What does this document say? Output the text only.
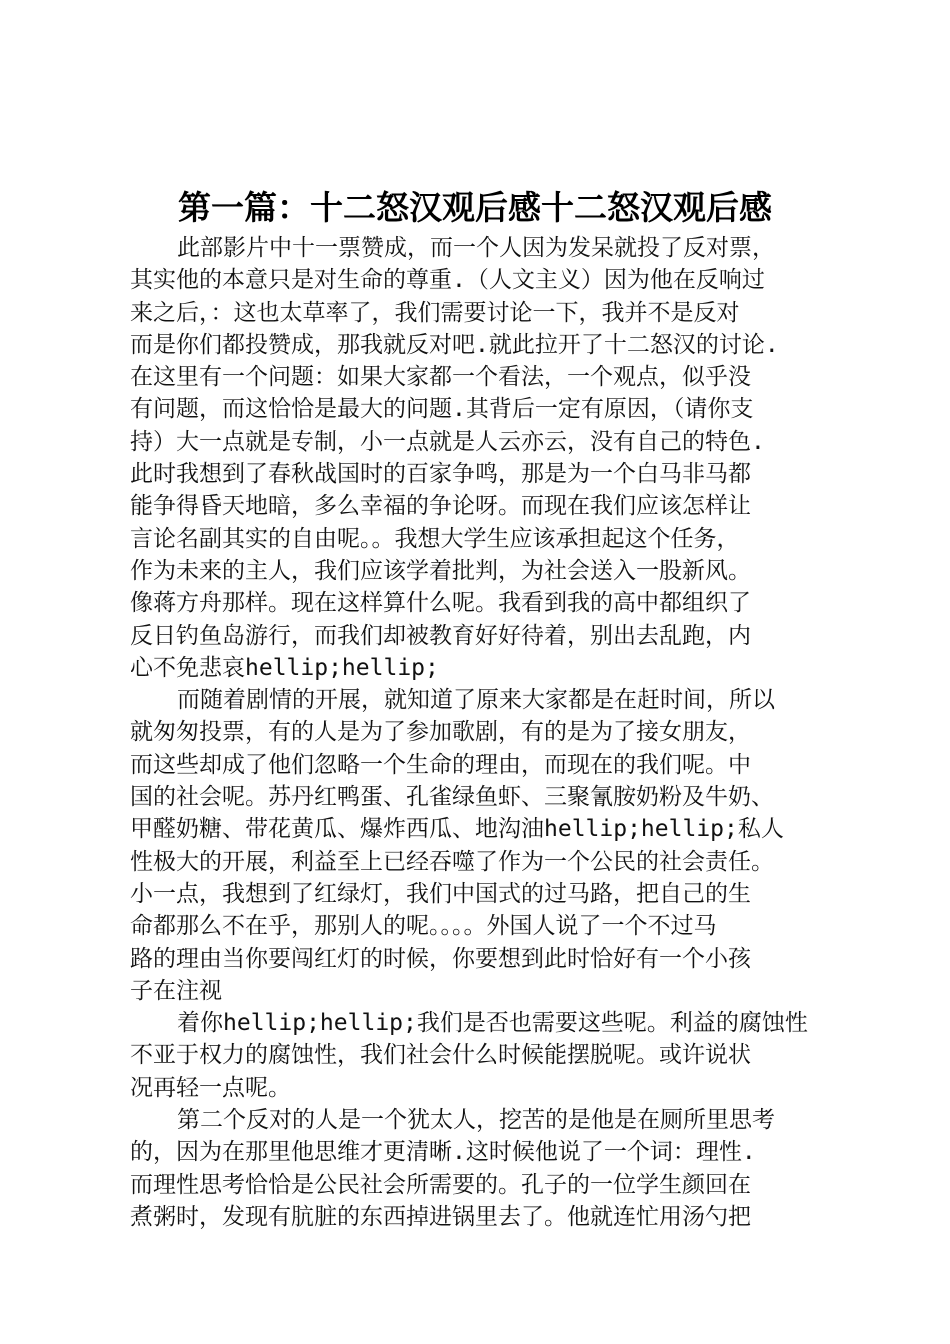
第一篇：十二怒汉观后感十二怒汉观后感
此部影片中十一票赞成，而一个人因为发呆就投了反对票，
其实他的本意只是对生命的尊重.（人文主义）因为他在反响过
来之后，：这也太草率了，我们需要讨论一下，我并不是反对
而是你们都投赞成，那我就反对吧.就此拉开了十二怒汉的讨论.
在这里有一个问题：如果大家都一个看法，一个观点，似乎没
有问题，而这恰恰是最大的问题.其背后一定有原因，（请你支
持）大一点就是专制，小一点就是人云亦云，没有自己的特色.
此时我想到了春秋战国时的百家争鸣，那是为一个白马非马都
能争得昏天地暗，多么幸福的争论呀。而现在我们应该怎样让
言论名副其实的自由呢。。我想大学生应该承担起这个任务，
作为未来的主人，我们应该学着批判，为社会送入一股新风。
像蒋方舟那样。现在这样算什么呢。我看到我的高中都组织了
反日钓鱼岛游行，而我们却被教育好好待着，别出去乱跑，内
心不免悲哀hellip;hellip;
而随着剧情的开展，就知道了原来大家都是在赶时间，所以
就匆匆投票，有的人是为了参加歌剧，有的是为了接女朋友，
而这些却成了他们忽略一个生命的理由，而现在的我们呢。中
国的社会呢。苏丹红鸭蛋、孔雀绿鱼虾、三聚氰胺奶粉及牛奶、
甲醛奶糖、带花黄瓜、爆炸西瓜、地沟油hellip;hellip;私人
性极大的开展，利益至上已经吞噬了作为一个公民的社会责任。
小一点，我想到了红绿灯，我们中国式的过马路，把自己的生
命都那么不在乎，那别人的呢。。。。外国人说了一个不过马
路的理由当你要闯红灯的时候，你要想到此时恰好有一个小孩
子在注视
着你hellip;hellip;我们是否也需要这些呢。利益的腐蚀性
不亚于权力的腐蚀性，我们社会什么时候能摆脱呢。或许说状
况再轻一点呢。
第二个反对的人是一个犹太人，挖苦的是他是在厕所里思考
的，因为在那里他思维才更清晰.这时候他说了一个词：理性.
而理性思考恰恰是公民社会所需要的。孔子的一位学生颜回在
煮粥时，发现有肮脏的东西掉进锅里去了。他就连忙用汤勺把
